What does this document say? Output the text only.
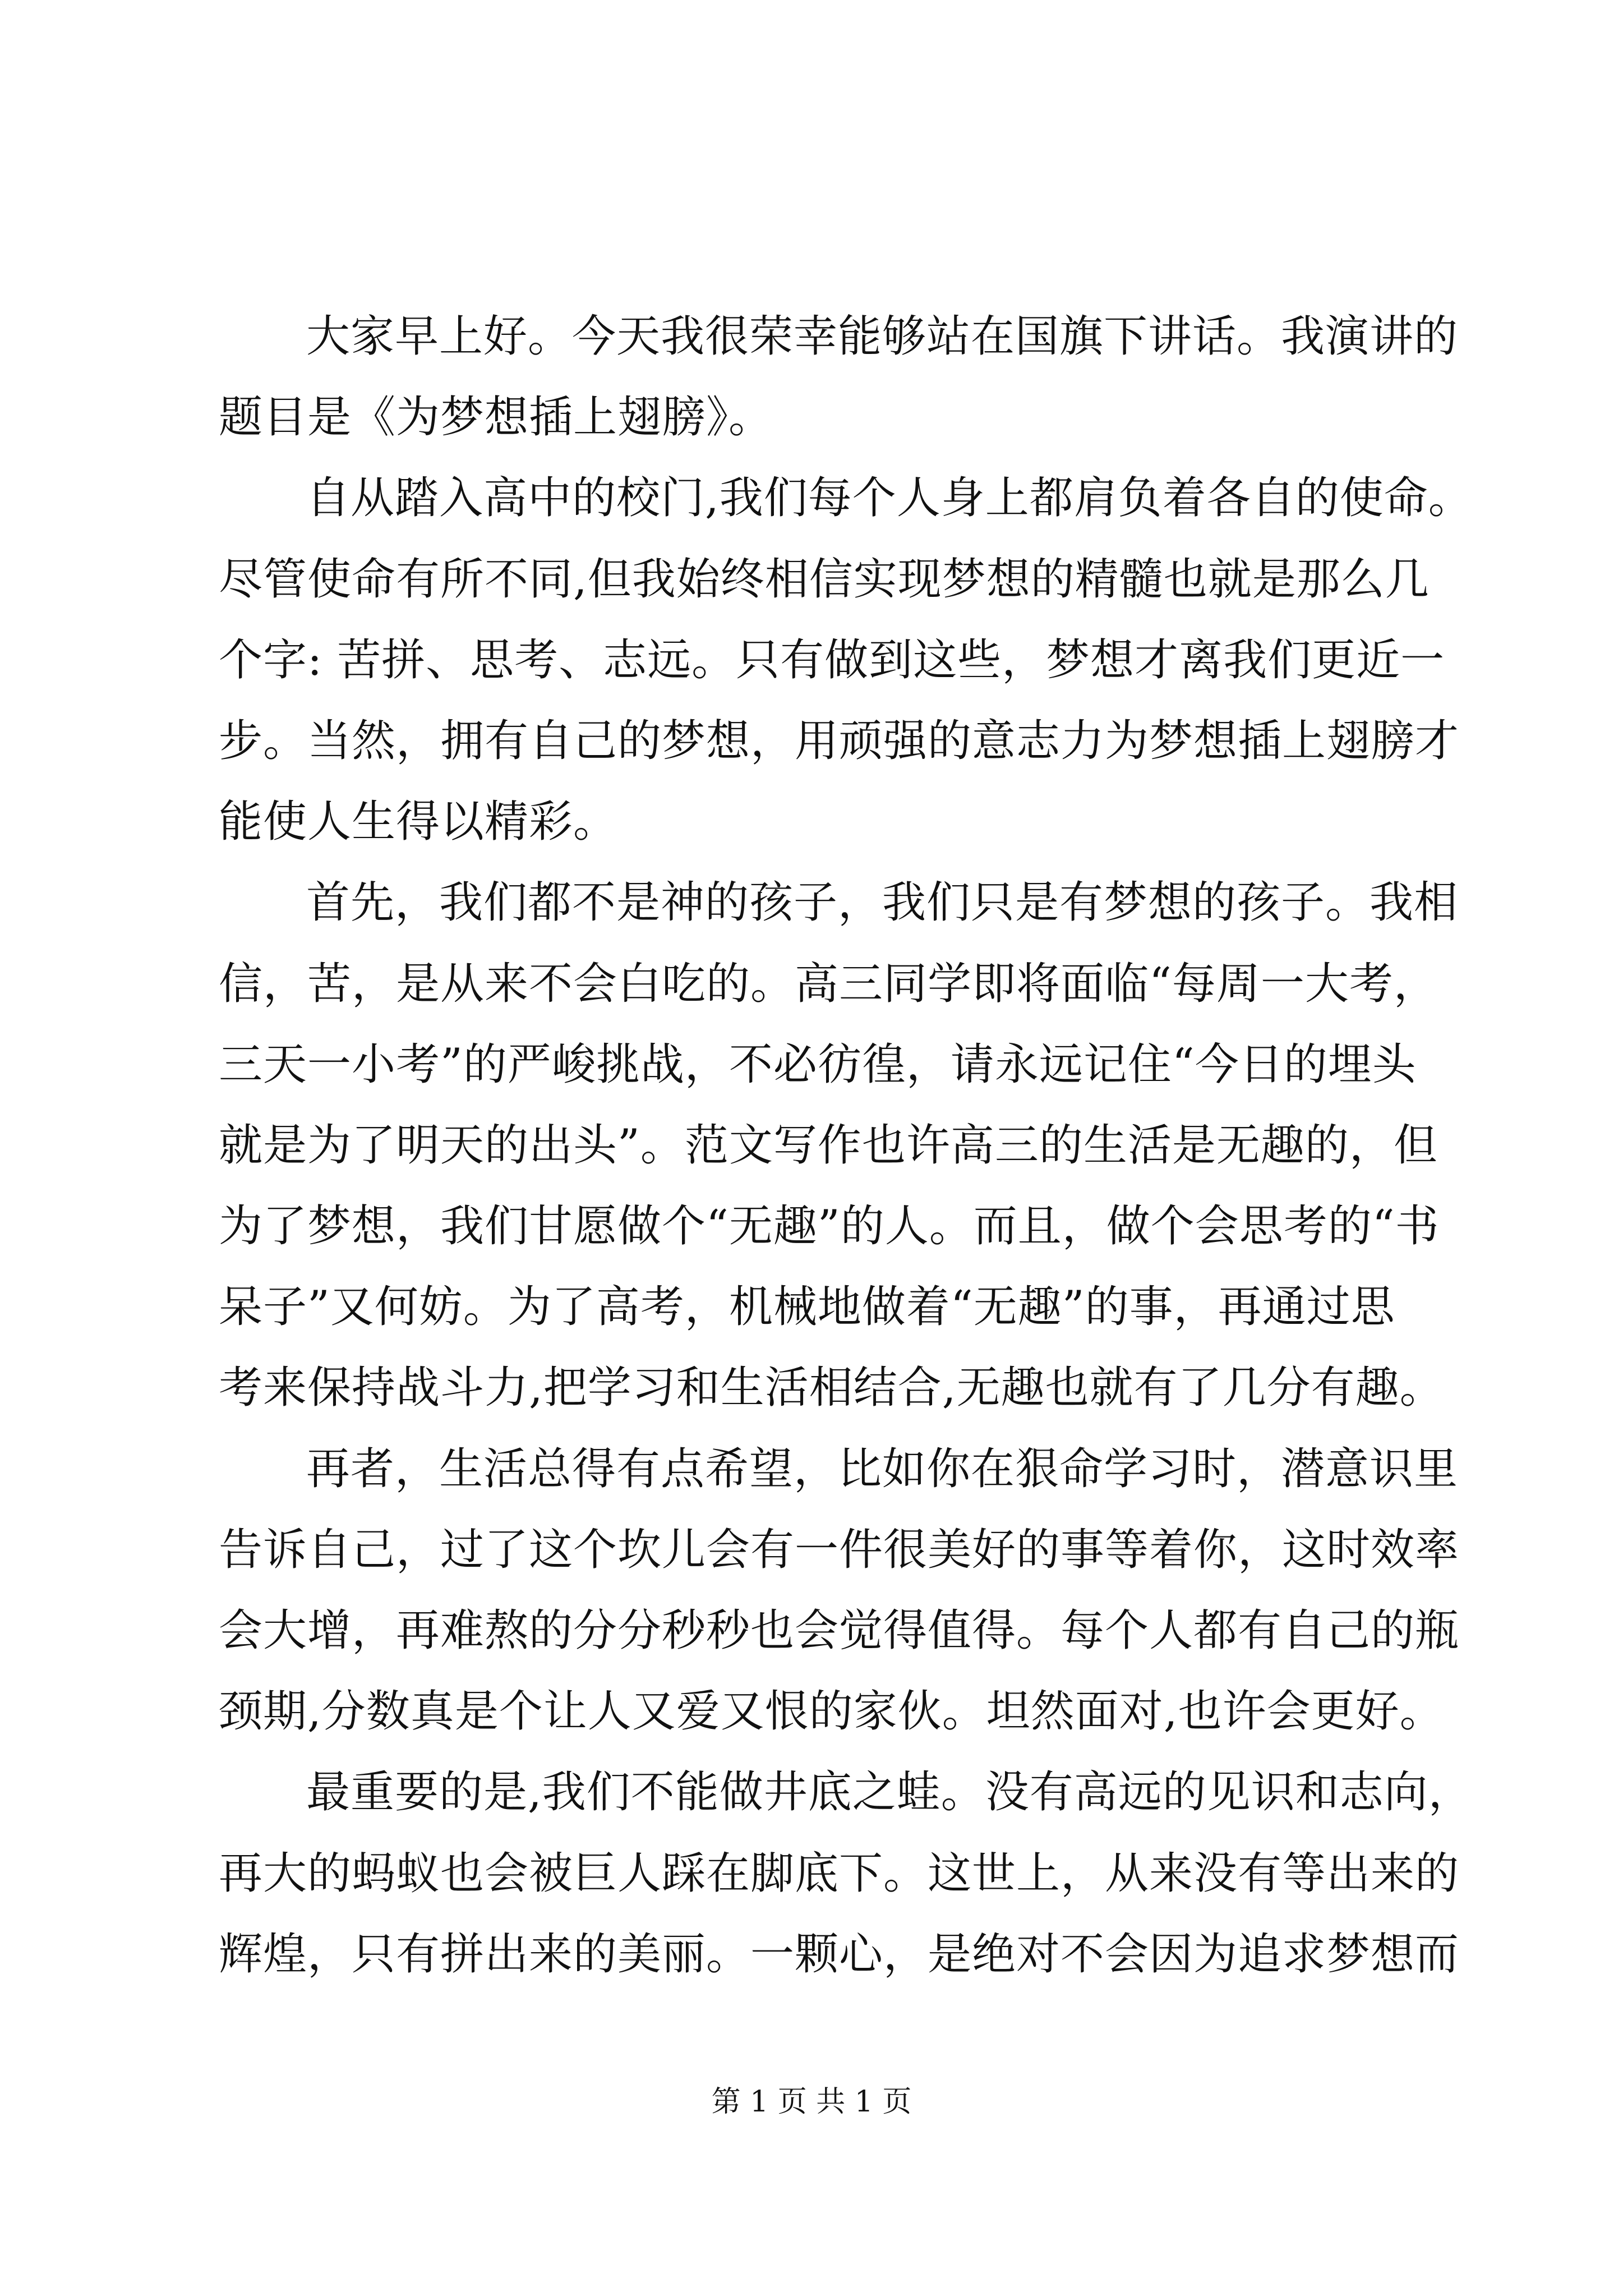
大家早上好。今天我很荣幸能够站在国旗下讲话。我演讲的
题目是《为梦想插上翅膀》。
自从踏入高中的校门,我们每个人身上都肩负着各自的使命。
尽管使命有所不同,但我始终相信实现梦想的精髓也就是那么几
个字: 苦拼、思考、志远。只有做到这些，梦想才离我们更近一
步。当然，拥有自己的梦想，用顽强的意志力为梦想插上翅膀才
能使人生得以精彩。
首先，我们都不是神的孩子，我们只是有梦想的孩子。我相
信，苦，是从来不会白吃的。高三同学即将面临“每周一大考，
三天一小考”的严峻挑战，不必彷徨，请永远记住“今日的埋头
就是为了明天的出头”。范文写作也许高三的生活是无趣的，但
为了梦想，我们甘愿做个“无趣”的人。而且，做个会思考的“书
呆子”又何妨。为了高考，机械地做着“无趣”的事，再通过思
考来保持战斗力,把学习和生活相结合,无趣也就有了几分有趣。
再者，生活总得有点希望，比如你在狠命学习时，潜意识里
告诉自己，过了这个坎儿会有一件很美好的事等着你，这时效率
会大增，再难熬的分分秒秒也会觉得值得。每个人都有自己的瓶
颈期,分数真是个让人又爱又恨的家伙。坦然面对,也许会更好。
最重要的是,我们不能做井底之蛙。没有高远的见识和志向，
再大的蚂蚁也会被巨人踩在脚底下。这世上，从来没有等出来的
辉煌，只有拼出来的美丽。一颗心，是绝对不会因为追求梦想而
第 1 页 共 1 页
